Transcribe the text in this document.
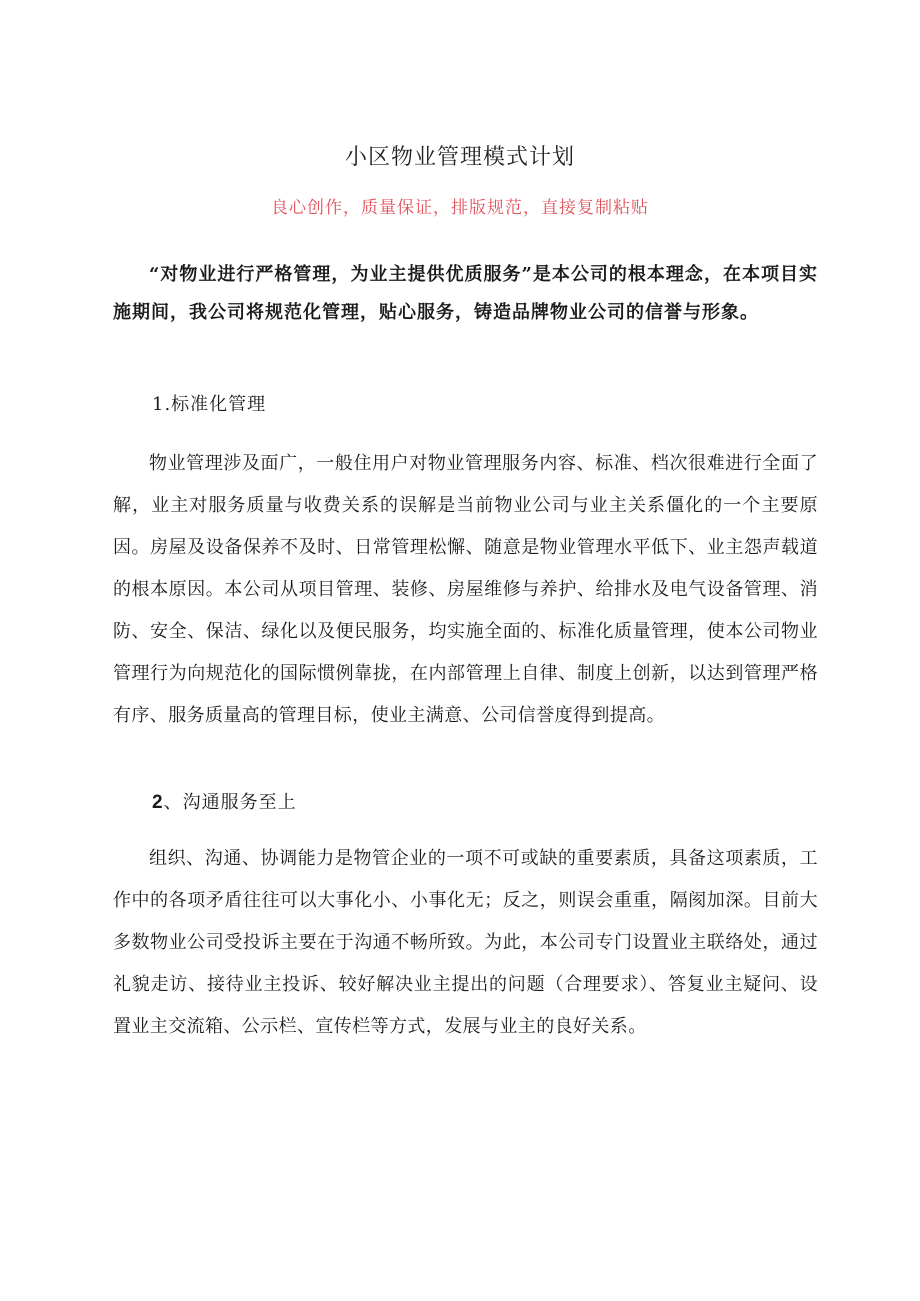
小区物业管理模式计划
良心创作，质量保证，排版规范，直接复制粘贴

“对物业进行严格管理，为业主提供优质服务”是本公司的根本理念，在本项目实施期间，我公司将规范化管理，贴心服务，铸造品牌物业公司的信誉与形象。

1.标准化管理

物业管理涉及面广，一般住用户对物业管理服务内容、标准、档次很难进行全面了解，业主对服务质量与收费关系的误解是当前物业公司与业主关系僵化的一个主要原因。房屋及设备保养不及时、日常管理松懈、随意是物业管理水平低下、业主怨声载道的根本原因。本公司从项目管理、装修、房屋维修与养护、给排水及电气设备管理、消防、安全、保洁、绿化以及便民服务，均实施全面的、标准化质量管理，使本公司物业管理行为向规范化的国际惯例靠拢，在内部管理上自律、制度上创新，以达到管理严格有序、服务质量高的管理目标，使业主满意、公司信誉度得到提高。

2、沟通服务至上

组织、沟通、协调能力是物管企业的一项不可或缺的重要素质，具备这项素质，工作中的各项矛盾往往可以大事化小、小事化无；反之，则误会重重，隔阂加深。目前大多数物业公司受投诉主要在于沟通不畅所致。为此，本公司专门设置业主联络处，通过礼貌走访、接待业主投诉、较好解决业主提出的问题（合理要求）、答复业主疑问、设置业主交流箱、公示栏、宣传栏等方式，发展与业主的良好关系。
